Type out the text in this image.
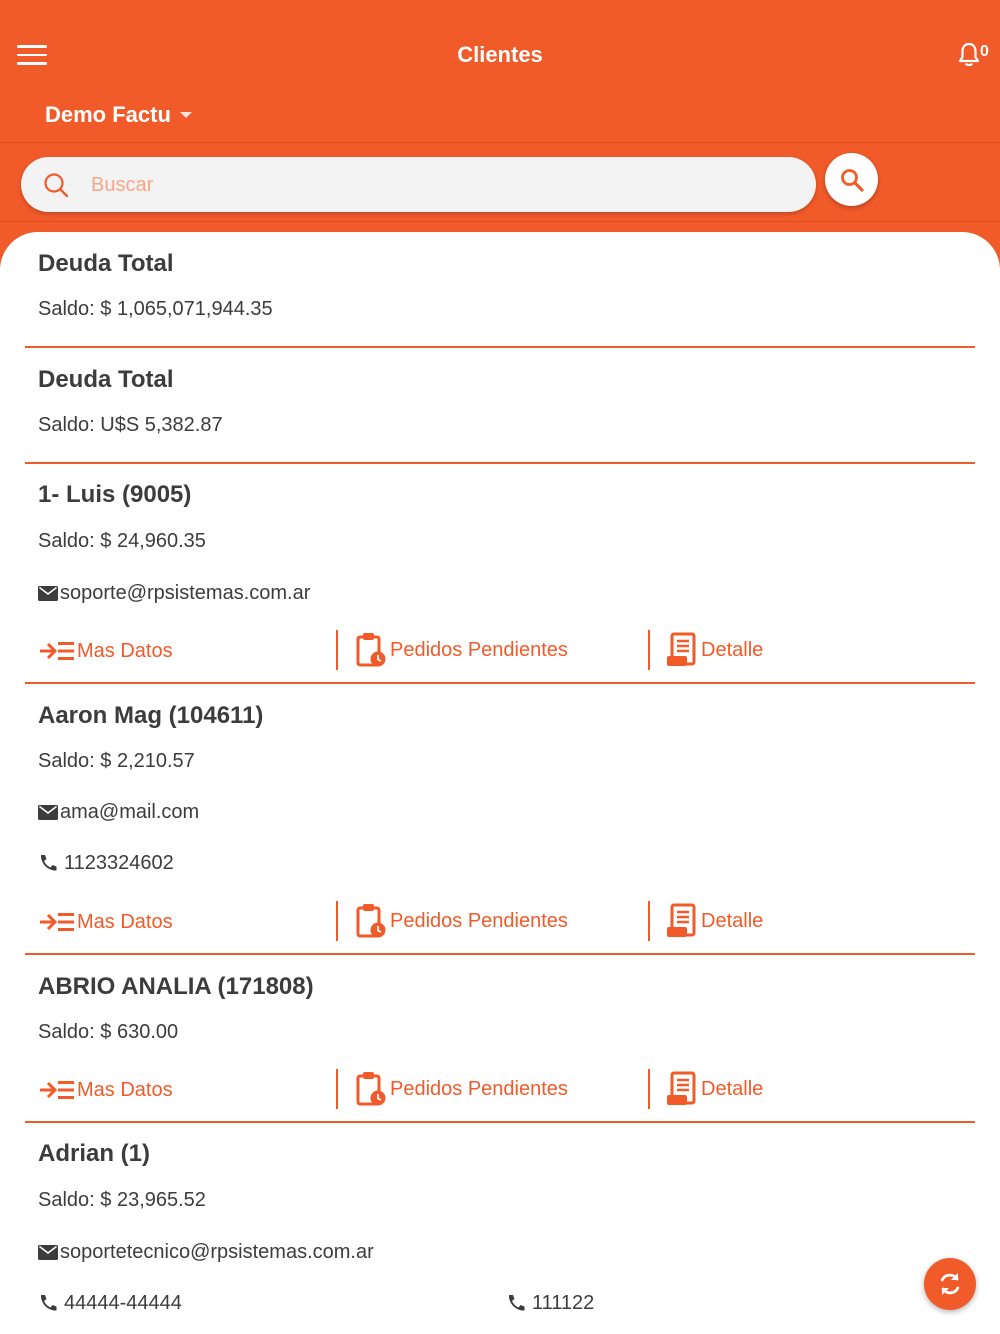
Clientes	0
Demo Factu
Buscar
Deuda Total
Saldo: $ 1,065,071,944.35
Deuda Total
Saldo: U$S 5,382.87
1- Luis (9005)
Saldo: $ 24,960.35
soporte@rpsistemas.com.ar
Mas Datos	Pedidos Pendientes	Detalle
Aaron Mag (104611)
Saldo: $ 2,210.57
ama@mail.com
1123324602
Mas Datos	Pedidos Pendientes	Detalle
ABRIO ANALIA (171808)
Saldo: $ 630.00
Mas Datos	Pedidos Pendientes	Detalle
Adrian (1)
Saldo: $ 23,965.52
soportetecnico@rpsistemas.com.ar
44444-44444	111122
